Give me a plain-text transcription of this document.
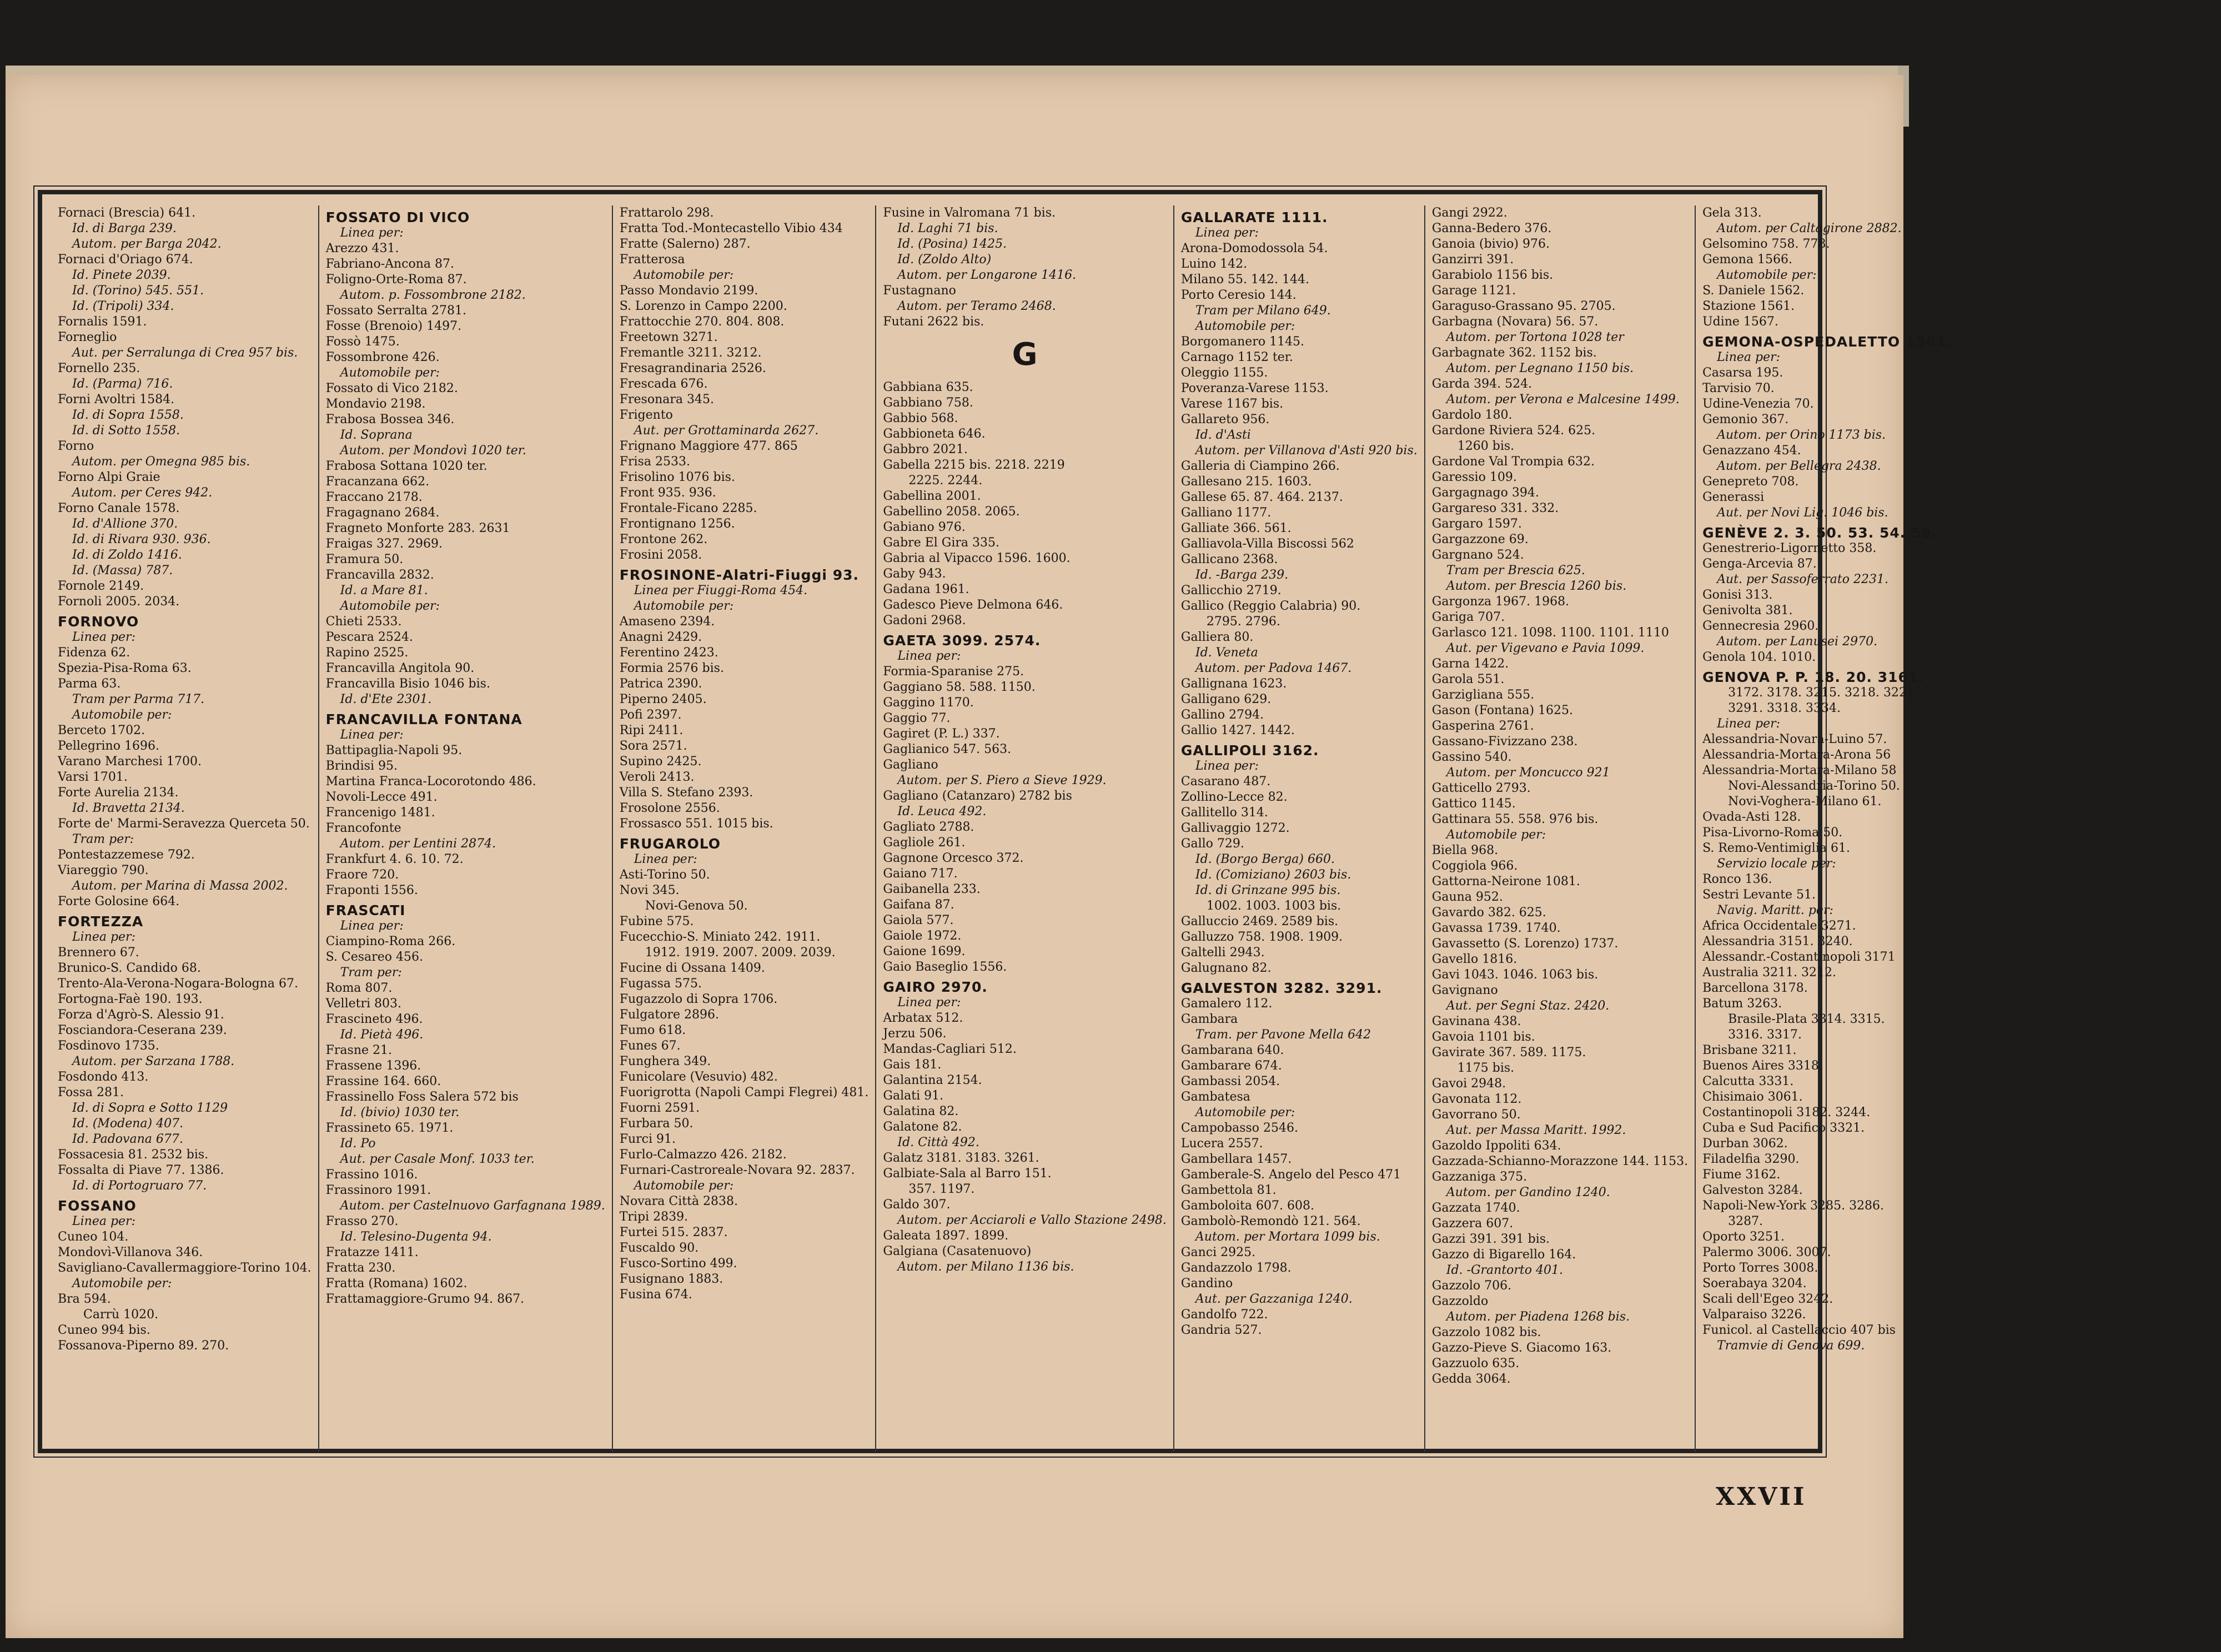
Fornaci (Brescia) 641.
Id. di Barga 239.
Autom. per Barga 2042.
Fornaci d'Oriago 674.
Id. Pinete 2039.
Id. (Torino) 545. 551.
Id. (Tripoli) 334.
Fornalis 1591.
Forneglio
Aut. per Serralunga di Crea 957 bis.
Fornello 235.
Id. (Parma) 716.
Forni Avoltri 1584.
Id. di Sopra 1558.
Id. di Sotto 1558.
Forno
Autom. per Omegna 985 bis.
Forno Alpi Graie
Autom. per Ceres 942.
Forno Canale 1578.
Id. d'Allione 370.
Id. di Rivara 930. 936.
Id. di Zoldo 1416.
Id. (Massa) 787.
Fornole 2149.
Fornoli 2005. 2034.
FORNOVO
Linea per:
Fidenza 62.
Spezia-Pisa-Roma 63.
Parma 63.
Tram per Parma 717.
Automobile per:
Berceto 1702.
Pellegrino 1696.
Varano Marchesi 1700.
Varsi 1701.
Forte Aurelia 2134.
Id. Bravetta 2134.
Forte de' Marmi-Seravezza Querceta 50.
Tram per:
Pontestazzemese 792.
Viareggio 790.
Autom. per Marina di Massa 2002.
Forte Golosine 664.
FORTEZZA
Linea per:
Brennero 67.
Brunico-S. Candido 68.
Trento-Ala-Verona-Nogara-Bologna 67.
Fortogna-Faè 190. 193.
Forza d'Agrò-S. Alessio 91.
Fosciandora-Ceserana 239.
Fosdinovo 1735.
Autom. per Sarzana 1788.
Fosdondo 413.
Fossa 281.
Id. di Sopra e Sotto 1129
Id. (Modena) 407.
Id. Padovana 677.
Fossacesia 81. 2532 bis.
Fossalta di Piave 77. 1386.
Id. di Portogruaro 77.
FOSSANO
Linea per:
Cuneo 104.
Mondovì-Villanova 346.
Savigliano-Cavallermaggiore-Torino 104.
Automobile per:
Bra 594.
Carrù 1020.
Cuneo 994 bis.
Fossanova-Piperno 89. 270.
FOSSATO DI VICO
Linea per:
Arezzo 431.
Fabriano-Ancona 87.
Foligno-Orte-Roma 87.
Autom. p. Fossombrone 2182.
Fossato Serralta 2781.
Fosse (Brenoio) 1497.
Fossò 1475.
Fossombrone 426.
Automobile per:
Fossato di Vico 2182.
Mondavio 2198.
Frabosa Bossea 346.
Id. Soprana
Autom. per Mondovì 1020 ter.
Frabosa Sottana 1020 ter.
Fracanzana 662.
Fraccano 2178.
Fragagnano 2684.
Fragneto Monforte 283. 2631
Fraigas 327. 2969.
Framura 50.
Francavilla 2832.
Id. a Mare 81.
Automobile per:
Chieti 2533.
Pescara 2524.
Rapino 2525.
Francavilla Angitola 90.
Francavilla Bisio 1046 bis.
Id. d'Ete 2301.
FRANCAVILLA FONTANA
Linea per:
Battipaglia-Napoli 95.
Brindisi 95.
Martina Franca-Locorotondo 486.
Novoli-Lecce 491.
Francenigo 1481.
Francofonte
Autom. per Lentini 2874.
Frankfurt 4. 6. 10. 72.
Fraore 720.
Fraponti 1556.
FRASCATI
Linea per:
Ciampino-Roma 266.
S. Cesareo 456.
Tram per:
Roma 807.
Velletri 803.
Frascineto 496.
Id. Pietà 496.
Frasne 21.
Frassene 1396.
Frassine 164. 660.
Frassinello Foss Salera 572 bis
Id. (bivio) 1030 ter.
Frassineto 65. 1971.
Id. Po
Aut. per Casale Monf. 1033 ter.
Frassino 1016.
Frassinoro 1991.
Autom. per Castelnuovo Garfagnana 1989.
Frasso 270.
Id. Telesino-Dugenta 94.
Fratazze 1411.
Fratta 230.
Fratta (Romana) 1602.
Frattamaggiore-Grumo 94. 867.
Frattarolo 298.
Fratta Tod.-Montecastello Vibio 434
Fratte (Salerno) 287.
Fratterosa
Automobile per:
Passo Mondavio 2199.
S. Lorenzo in Campo 2200.
Frattocchie 270. 804. 808.
Freetown 3271.
Fremantle 3211. 3212.
Fresagrandinaria 2526.
Frescada 676.
Fresonara 345.
Frigento
Aut. per Grottaminarda 2627.
Frignano Maggiore 477. 865
Frisa 2533.
Frisolino 1076 bis.
Front 935. 936.
Frontale-Ficano 2285.
Frontignano 1256.
Frontone 262.
Frosini 2058.
FROSINONE-Alatri-Fiuggi 93.
Linea per Fiuggi-Roma 454.
Automobile per:
Amaseno 2394.
Anagni 2429.
Ferentino 2423.
Formia 2576 bis.
Patrica 2390.
Piperno 2405.
Pofi 2397.
Ripi 2411.
Sora 2571.
Supino 2425.
Veroli 2413.
Villa S. Stefano 2393.
Frosolone 2556.
Frossasco 551. 1015 bis.
FRUGAROLO
Linea per:
Asti-Torino 50.
Novi 345.
Novi-Genova 50.
Fubine 575.
Fucecchio-S. Miniato 242. 1911.
1912. 1919. 2007. 2009. 2039.
Fucine di Ossana 1409.
Fugassa 575.
Fugazzolo di Sopra 1706.
Fulgatore 2896.
Fumo 618.
Funes 67.
Funghera 349.
Funicolare (Vesuvio) 482.
Fuorigrotta (Napoli Campi Flegrei) 481.
Fuorni 2591.
Furbara 50.
Furci 91.
Furlo-Calmazzo 426. 2182.
Furnari-Castroreale-Novara 92. 2837.
Automobile per:
Novara Città 2838.
Tripi 2839.
Furtei 515. 2837.
Fuscaldo 90.
Fusco-Sortino 499.
Fusignano 1883.
Fusina 674.
Fusine in Valromana 71 bis.
Id. Laghi 71 bis.
Id. (Posina) 1425.
Id. (Zoldo Alto)
Autom. per Longarone 1416.
Fustagnano
Autom. per Teramo 2468.
Futani 2622 bis.
G
Gabbiana 635.
Gabbiano 758.
Gabbio 568.
Gabbioneta 646.
Gabbro 2021.
Gabella 2215 bis. 2218. 2219
2225. 2244.
Gabellina 2001.
Gabellino 2058. 2065.
Gabiano 976.
Gabre El Gira 335.
Gabria al Vipacco 1596. 1600.
Gaby 943.
Gadana 1961.
Gadesco Pieve Delmona 646.
Gadoni 2968.
GAETA 3099. 2574.
Linea per:
Formia-Sparanise 275.
Gaggiano 58. 588. 1150.
Gaggino 1170.
Gaggio 77.
Gagiret (P. L.) 337.
Gaglianico 547. 563.
Gagliano
Autom. per S. Piero a Sieve 1929.
Gagliano (Catanzaro) 2782 bis
Id. Leuca 492.
Gagliato 2788.
Gagliole 261.
Gagnone Orcesco 372.
Gaiano 717.
Gaibanella 233.
Gaifana 87.
Gaiola 577.
Gaiole 1972.
Gaione 1699.
Gaio Baseglio 1556.
GAIRO 2970.
Linea per:
Arbatax 512.
Jerzu 506.
Mandas-Cagliari 512.
Gais 181.
Galantina 2154.
Galati 91.
Galatina 82.
Galatone 82.
Id. Città 492.
Galatz 3181. 3183. 3261.
Galbiate-Sala al Barro 151.
357. 1197.
Galdo 307.
Autom. per Acciaroli e Vallo Stazione 2498.
Galeata 1897. 1899.
Galgiana (Casatenuovo)
Autom. per Milano 1136 bis.
GALLARATE 1111.
Linea per:
Arona-Domodossola 54.
Luino 142.
Milano 55. 142. 144.
Porto Ceresio 144.
Tram per Milano 649.
Automobile per:
Borgomanero 1145.
Carnago 1152 ter.
Oleggio 1155.
Poveranza-Varese 1153.
Varese 1167 bis.
Gallareto 956.
Id. d'Asti
Autom. per Villanova d'Asti 920 bis.
Galleria di Ciampino 266.
Gallesano 215. 1603.
Gallese 65. 87. 464. 2137.
Galliano 1177.
Galliate 366. 561.
Galliavola-Villa Biscossi 562
Gallicano 2368.
Id. -Barga 239.
Gallicchio 2719.
Gallico (Reggio Calabria) 90.
2795. 2796.
Galliera 80.
Id. Veneta
Autom. per Padova 1467.
Gallignana 1623.
Galligano 629.
Gallino 2794.
Gallio 1427. 1442.
GALLIPOLI 3162.
Linea per:
Casarano 487.
Zollino-Lecce 82.
Gallitello 314.
Gallivaggio 1272.
Gallo 729.
Id. (Borgo Berga) 660.
Id. (Comiziano) 2603 bis.
Id. di Grinzane 995 bis.
1002. 1003. 1003 bis.
Galluccio 2469. 2589 bis.
Galluzzo 758. 1908. 1909.
Galtelli 2943.
Galugnano 82.
GALVESTON 3282. 3291.
Gamalero 112.
Gambara
Tram. per Pavone Mella 642
Gambarana 640.
Gambarare 674.
Gambassi 2054.
Gambatesa
Automobile per:
Campobasso 2546.
Lucera 2557.
Gambellara 1457.
Gamberale-S. Angelo del Pesco 471
Gambettola 81.
Gamboloita 607. 608.
Gambolò-Remondò 121. 564.
Autom. per Mortara 1099 bis.
Ganci 2925.
Gandazzolo 1798.
Gandino
Aut. per Gazzaniga 1240.
Gandolfo 722.
Gandria 527.
Gangi 2922.
Ganna-Bedero 376.
Ganoia (bivio) 976.
Ganzirri 391.
Garabiolo 1156 bis.
Garage 1121.
Garaguso-Grassano 95. 2705.
Garbagna (Novara) 56. 57.
Autom. per Tortona 1028 ter
Garbagnate 362. 1152 bis.
Autom. per Legnano 1150 bis.
Garda 394. 524.
Autom. per Verona e Malcesine 1499.
Gardolo 180.
Gardone Riviera 524. 625.
1260 bis.
Gardone Val Trompia 632.
Garessio 109.
Gargagnago 394.
Gargareso 331. 332.
Gargaro 1597.
Gargazzone 69.
Gargnano 524.
Tram per Brescia 625.
Autom. per Brescia 1260 bis.
Gargonza 1967. 1968.
Gariga 707.
Garlasco 121. 1098. 1100. 1101. 1110
Aut. per Vigevano e Pavia 1099.
Garna 1422.
Garola 551.
Garzigliana 555.
Gason (Fontana) 1625.
Gasperina 2761.
Gassano-Fivizzano 238.
Gassino 540.
Autom. per Moncucco 921
Gatticello 2793.
Gattico 1145.
Gattinara 55. 558. 976 bis.
Automobile per:
Biella 968.
Coggiola 966.
Gattorna-Neirone 1081.
Gauna 952.
Gavardo 382. 625.
Gavassa 1739. 1740.
Gavassetto (S. Lorenzo) 1737.
Gavello 1816.
Gavi 1043. 1046. 1063 bis.
Gavignano
Aut. per Segni Staz. 2420.
Gavinana 438.
Gavoia 1101 bis.
Gavirate 367. 589. 1175.
1175 bis.
Gavoi 2948.
Gavonata 112.
Gavorrano 50.
Aut. per Massa Maritt. 1992.
Gazoldo Ippoliti 634.
Gazzada-Schianno-Morazzone 144. 1153.
Gazzaniga 375.
Autom. per Gandino 1240.
Gazzata 1740.
Gazzera 607.
Gazzi 391. 391 bis.
Gazzo di Bigarello 164.
Id. -Grantorto 401.
Gazzolo 706.
Gazzoldo
Autom. per Piadena 1268 bis.
Gazzolo 1082 bis.
Gazzo-Pieve S. Giacomo 163.
Gazzuolo 635.
Gedda 3064.
Gela 313.
Autom. per Caltagirone 2882.
Gelsomino 758. 778.
Gemona 1566.
Automobile per:
S. Daniele 1562.
Stazione 1561.
Udine 1567.
GEMONA-OSPEDALETTO 1561.
Linea per:
Casarsa 195.
Tarvisio 70.
Udine-Venezia 70.
Gemonio 367.
Autom. per Orino 1173 bis.
Genazzano 454.
Autom. per Bellegra 2438.
Genepreto 708.
Generassi
Aut. per Novi Lig. 1046 bis.
GENÈVE 2. 3. 50. 53. 54. 59.
Genestrerio-Ligornetto 358.
Genga-Arcevia 87.
Aut. per Sassoferrato 2231.
Gonisi 313.
Genivolta 381.
Gennecresia 2960.
Autom. per Lanusei 2970.
Genola 104. 1010.
GENOVA P. P. 18. 20. 3161.
3172. 3178. 3215. 3218. 3221.
3291. 3318. 3334.
Linea per:
Alessandria-Novara-Luino 57.
Alessandria-Mortara-Arona 56
Alessandria-Mortara-Milano 58
Novi-Alessandria-Torino 50.
Novi-Voghera-Milano 61.
Ovada-Asti 128.
Pisa-Livorno-Roma 50.
S. Remo-Ventimiglia 61.
Servizio locale per:
Ronco 136.
Sestri Levante 51.
Navig. Maritt. per:
Africa Occidentale 3271.
Alessandria 3151. 3240.
Alessandr.-Costantinopoli 3171
Australia 3211. 3212.
Barcellona 3178.
Batum 3263.
Brasile-Plata 3314. 3315.
3316. 3317.
Brisbane 3211.
Buenos Aires 3318.
Calcutta 3331.
Chisimaio 3061.
Costantinopoli 3182. 3244.
Cuba e Sud Pacifico 3321.
Durban 3062.
Filadelfia 3290.
Fiume 3162.
Galveston 3284.
Napoli-New-York 3285. 3286.
3287.
Oporto 3251.
Palermo 3006. 3007.
Porto Torres 3008.
Soerabaya 3204.
Scali dell'Egeo 3242.
Valparaiso 3226.
Funicol. al Castellaccio 407 bis
Tramvie di Genova 699.
XXVII
